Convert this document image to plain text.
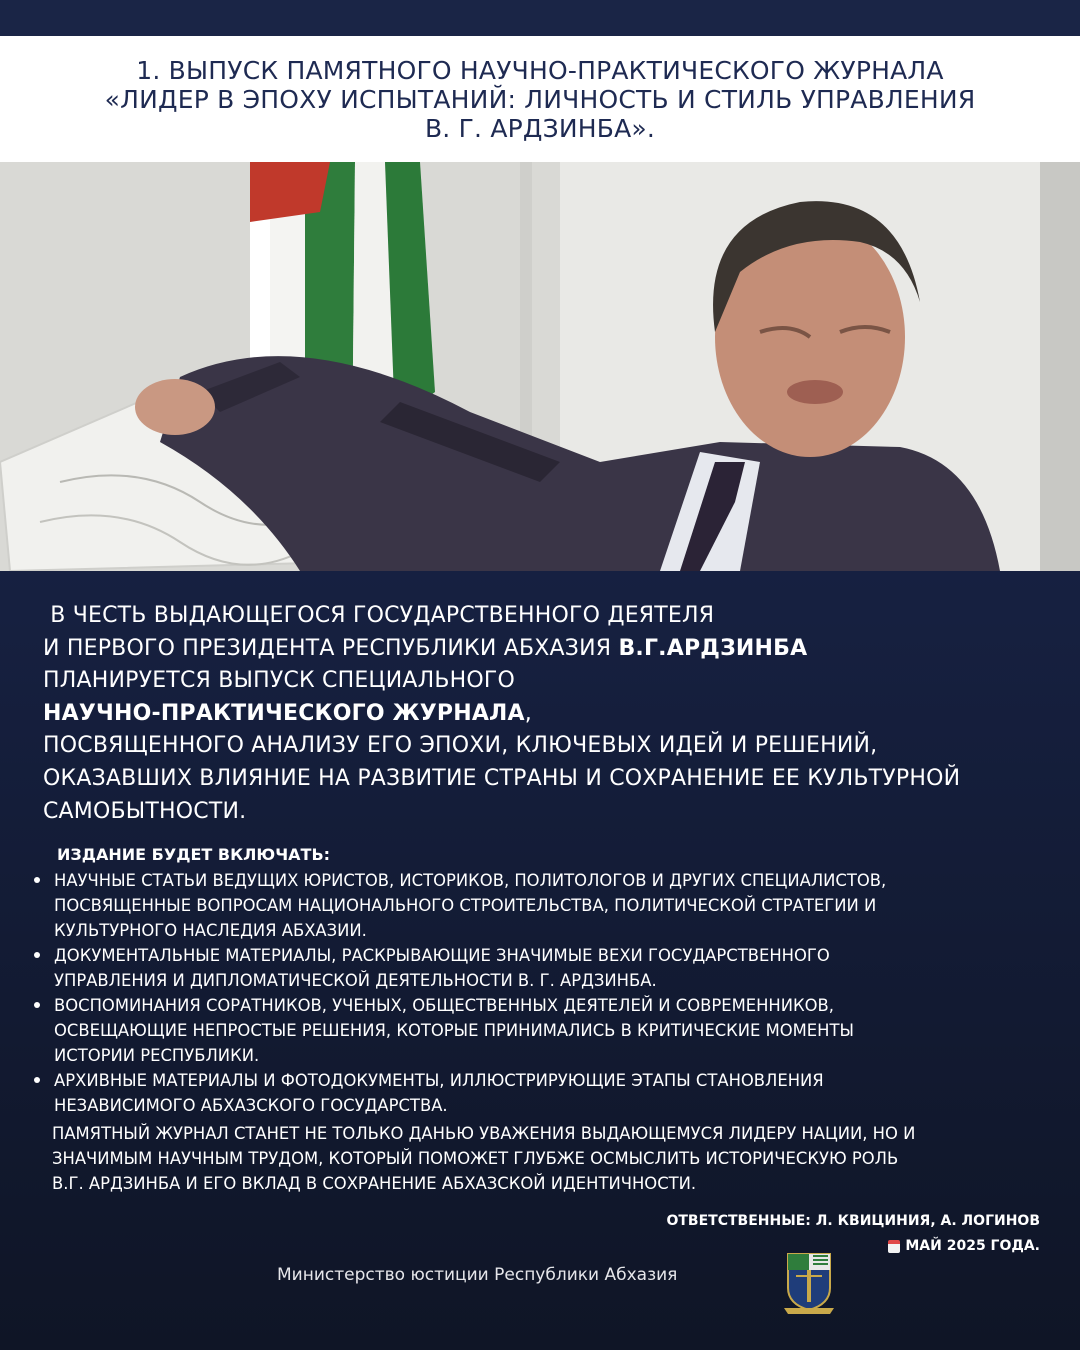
1. ВЫПУСК ПАМЯТНОГО НАУЧНО-ПРАКТИЧЕСКОГО ЖУРНАЛА
«ЛИДЕР В ЭПОХУ ИСПЫТАНИЙ: ЛИЧНОСТЬ И СТИЛЬ УПРАВЛЕНИЯ
В. Г. АРДЗИНБА».
В ЧЕСТЬ ВЫДАЮЩЕГОСЯ ГОСУДАРСТВЕННОГО ДЕЯТЕЛЯ
И ПЕРВОГО ПРЕЗИДЕНТА РЕСПУБЛИКИ АБХАЗИЯ В.Г.АРДЗИНБА
ПЛАНИРУЕТСЯ ВЫПУСК СПЕЦИАЛЬНОГО
НАУЧНО-ПРАКТИЧЕСКОГО ЖУРНАЛА,
ПОСВЯЩЕННОГО АНАЛИЗУ ЕГО ЭПОХИ, КЛЮЧЕВЫХ ИДЕЙ И РЕШЕНИЙ,
ОКАЗАВШИХ ВЛИЯНИЕ НА РАЗВИТИЕ СТРАНЫ И СОХРАНЕНИЕ ЕЕ КУЛЬТУРНОЙ
САМОБЫТНОСТИ.
ИЗДАНИЕ БУДЕТ ВКЛЮЧАТЬ:
НАУЧНЫЕ СТАТЬИ ВЕДУЩИХ ЮРИСТОВ, ИСТОРИКОВ, ПОЛИТОЛОГОВ И ДРУГИХ СПЕЦИАЛИСТОВ,
ПОСВЯЩЕННЫЕ ВОПРОСАМ НАЦИОНАЛЬНОГО СТРОИТЕЛЬСТВА, ПОЛИТИЧЕСКОЙ СТРАТЕГИИ И
КУЛЬТУРНОГО НАСЛЕДИЯ АБХАЗИИ.
ДОКУМЕНТАЛЬНЫЕ МАТЕРИАЛЫ, РАСКРЫВАЮЩИЕ ЗНАЧИМЫЕ ВЕХИ ГОСУДАРСТВЕННОГО
УПРАВЛЕНИЯ И ДИПЛОМАТИЧЕСКОЙ ДЕЯТЕЛЬНОСТИ В. Г. АРДЗИНБА.
ВОСПОМИНАНИЯ СОРАТНИКОВ, УЧЕНЫХ, ОБЩЕСТВЕННЫХ ДЕЯТЕЛЕЙ И СОВРЕМЕННИКОВ,
ОСВЕЩАЮЩИЕ НЕПРОСТЫЕ РЕШЕНИЯ, КОТОРЫЕ ПРИНИМАЛИСЬ В КРИТИЧЕСКИЕ МОМЕНТЫ
ИСТОРИИ РЕСПУБЛИКИ.
АРХИВНЫЕ МАТЕРИАЛЫ И ФОТОДОКУМЕНТЫ, ИЛЛЮСТРИРУЮЩИЕ ЭТАПЫ СТАНОВЛЕНИЯ
НЕЗАВИСИМОГО АБХАЗСКОГО ГОСУДАРСТВА.
ПАМЯТНЫЙ ЖУРНАЛ СТАНЕТ НЕ ТОЛЬКО ДАНЬЮ УВАЖЕНИЯ ВЫДАЮЩЕМУСЯ ЛИДЕРУ НАЦИИ, НО И
ЗНАЧИМЫМ НАУЧНЫМ ТРУДОМ, КОТОРЫЙ ПОМОЖЕТ ГЛУБЖЕ ОСМЫСЛИТЬ ИСТОРИЧЕСКУЮ РОЛЬ
В.Г. АРДЗИНБА И ЕГО ВКЛАД В СОХРАНЕНИЕ АБХАЗСКОЙ ИДЕНТИЧНОСТИ.
ОТВЕТСТВЕННЫЕ: Л. КВИЦИНИЯ, А. ЛОГИНОВ
МАЙ 2025 ГОДА.
Министерство юстиции Республики Абхазия
